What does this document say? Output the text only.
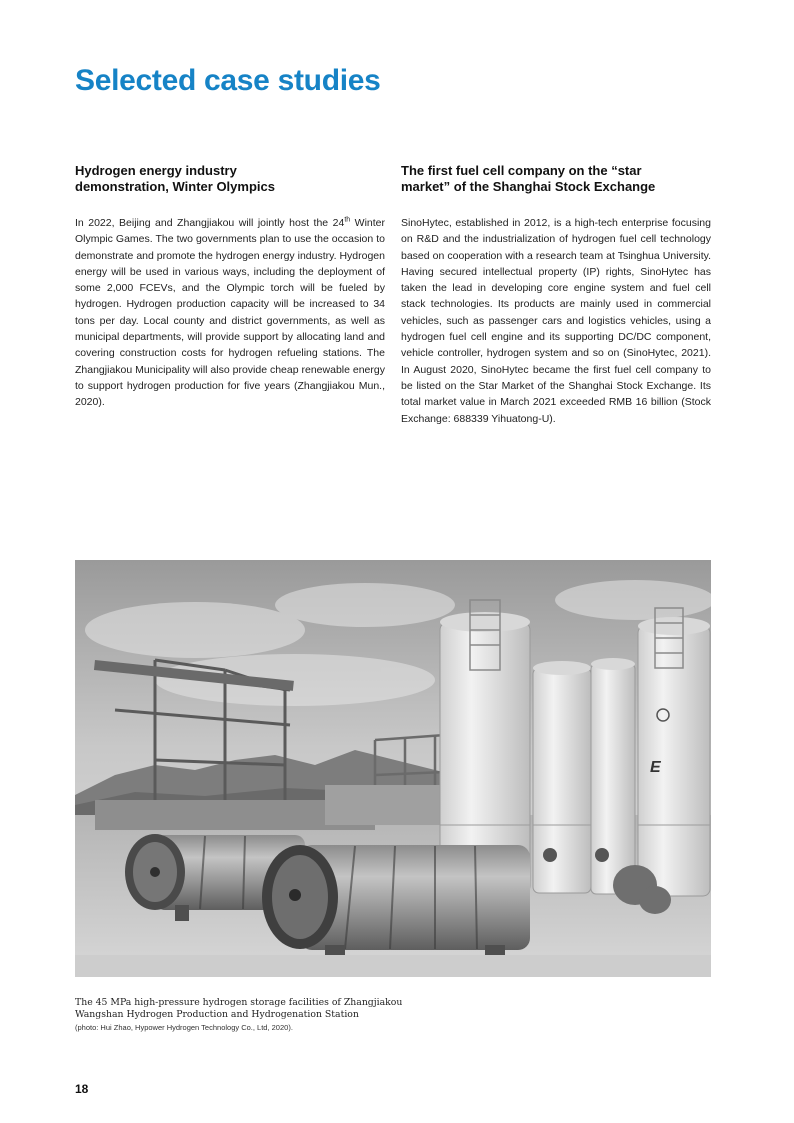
Selected case studies
Hydrogen energy industry
demonstration, Winter Olympics

In 2022, Beijing and Zhangjiakou will jointly host the 24th Winter Olympic Games. The two governments plan to use the occasion to demonstrate and promote the hydrogen energy industry. Hydrogen energy will be used in various ways, including the deployment of some 2,000 FCEVs, and the Olympic torch will be fueled by hydrogen. Hydrogen production capacity will be increased to 34 tons per day. Local county and district governments, as well as municipal departments, will provide support by allocating land and covering construction costs for hydrogen refueling stations. The Zhangjiakou Municipality will also provide cheap renewable energy to support hydrogen production for five years (Zhangjiakou Mun., 2020).

The first fuel cell company on the “star
market” of the Shanghai Stock Exchange

SinoHytec, established in 2012, is a high-tech enterprise focusing on R&D and the industrialization of hydrogen fuel cell technology based on cooperation with a research team at Tsinghua University. Having secured intellectual property (IP) rights, SinoHytec has taken the lead in developing core engine system and fuel cell stack technologies. Its products are mainly used in commercial vehicles, such as passenger cars and logistics vehicles, using a hydrogen fuel cell engine and its supporting DC/DC component, vehicle controller, hydrogen system and so on (SinoHytec, 2021). In August 2020, SinoHytec became the first fuel cell company to be listed on the Star Market of the Shanghai Stock Exchange. Its total market value in March 2021 exceeded RMB 16 billion (Stock Exchange: 688339 Yihuatong-U).

E

The 45 MPa high-pressure hydrogen storage facilities of Zhangjiakou
Wangshan Hydrogen Production and Hydrogenation Station

(photo: Hui Zhao, Hypower Hydrogen Technology Co., Ltd, 2020).

18
